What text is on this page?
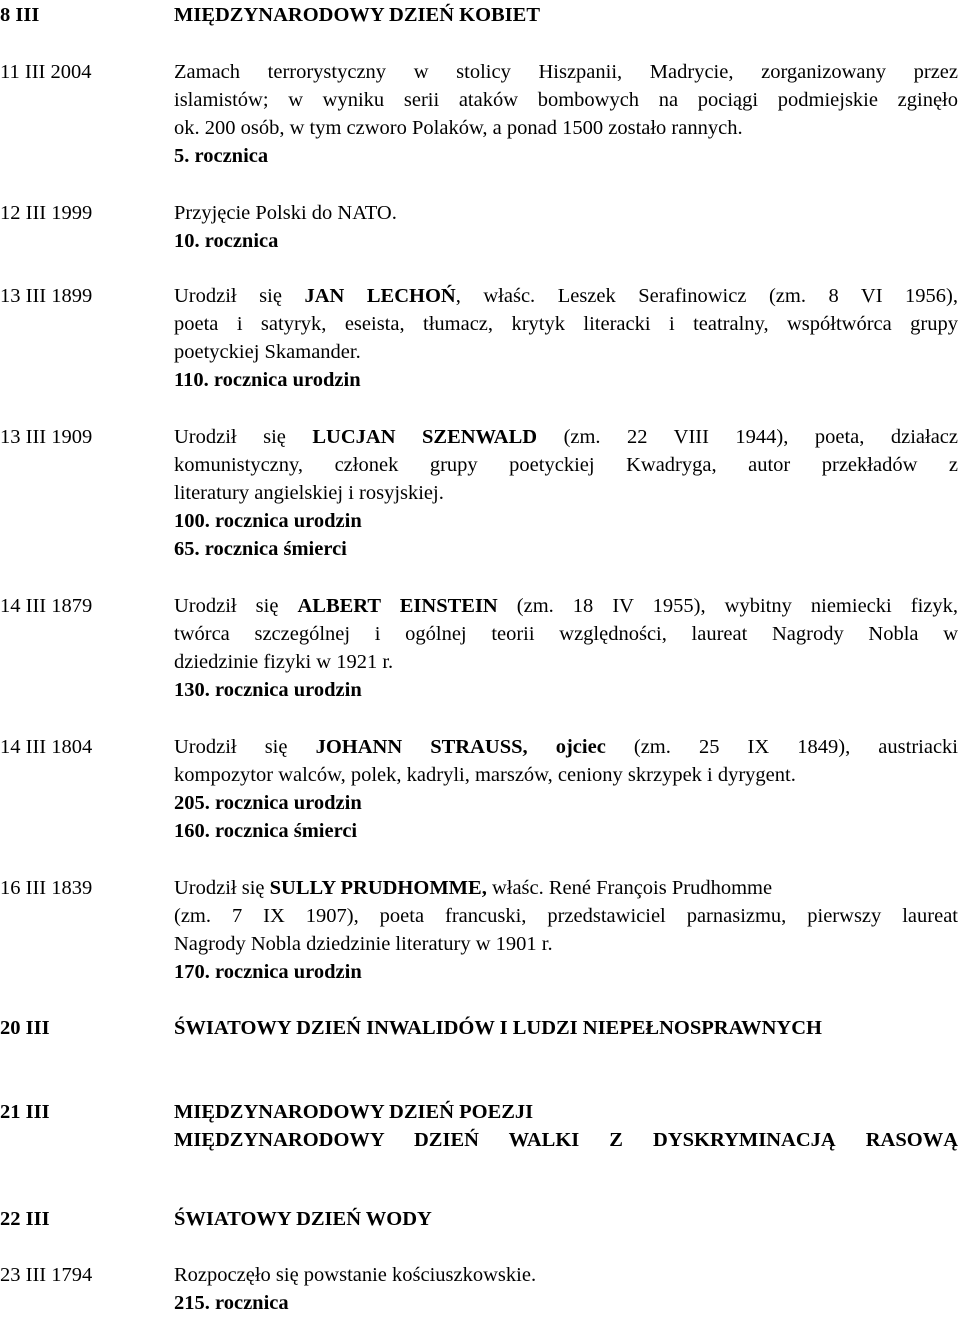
8 III	MIĘDZYNARODOWY DZIEŃ KOBIET
11 III 2004	Zamach terrorystyczny w stolicy Hiszpanii, Madrycie, zorganizowany przez
islamistów; w wyniku serii ataków bombowych na pociągi podmiejskie zginęło
ok. 200 osób, w tym czworo Polaków, a ponad 1500 zostało rannych.
5. rocznica
12 III 1999	Przyjęcie Polski do NATO.
10. rocznica
13 III 1899	Urodził się JAN LECHOŃ, właśc. Leszek Serafinowicz (zm. 8 VI 1956),
poeta i satyryk, eseista, tłumacz, krytyk literacki i teatralny, współtwórca grupy
poetyckiej Skamander.
110. rocznica urodzin
13 III 1909	Urodził się LUCJAN SZENWALD (zm. 22 VIII 1944), poeta, działacz
komunistyczny, członek grupy poetyckiej Kwadryga, autor przekładów z
literatury angielskiej i rosyjskiej.
100. rocznica urodzin
65. rocznica śmierci
14 III 1879	Urodził się ALBERT EINSTEIN (zm. 18 IV 1955), wybitny niemiecki fizyk,
twórca szczególnej i ogólnej teorii względności, laureat Nagrody Nobla w
dziedzinie fizyki w 1921 r.
130. rocznica urodzin
14 III 1804	Urodził się JOHANN STRAUSS, ojciec (zm. 25 IX 1849), austriacki
kompozytor walców, polek, kadryli, marszów, ceniony skrzypek i dyrygent.
205. rocznica urodzin
160. rocznica śmierci
16 III 1839	Urodził się SULLY PRUDHOMME, właśc. René François Prudhomme
(zm. 7 IX 1907), poeta francuski, przedstawiciel parnasizmu, pierwszy laureat
Nagrody Nobla dziedzinie literatury w 1901 r.
170. rocznica urodzin
20 III	ŚWIATOWY DZIEŃ INWALIDÓW I LUDZI NIEPEŁNOSPRAWNYCH
21 III	MIĘDZYNARODOWY DZIEŃ POEZJI
MIĘDZYNARODOWY DZIEŃ WALKI Z DYSKRYMINACJĄ RASOWĄ
22 III	ŚWIATOWY DZIEŃ WODY
23 III 1794	Rozpoczęło się powstanie kościuszkowskie.
215. rocznica
